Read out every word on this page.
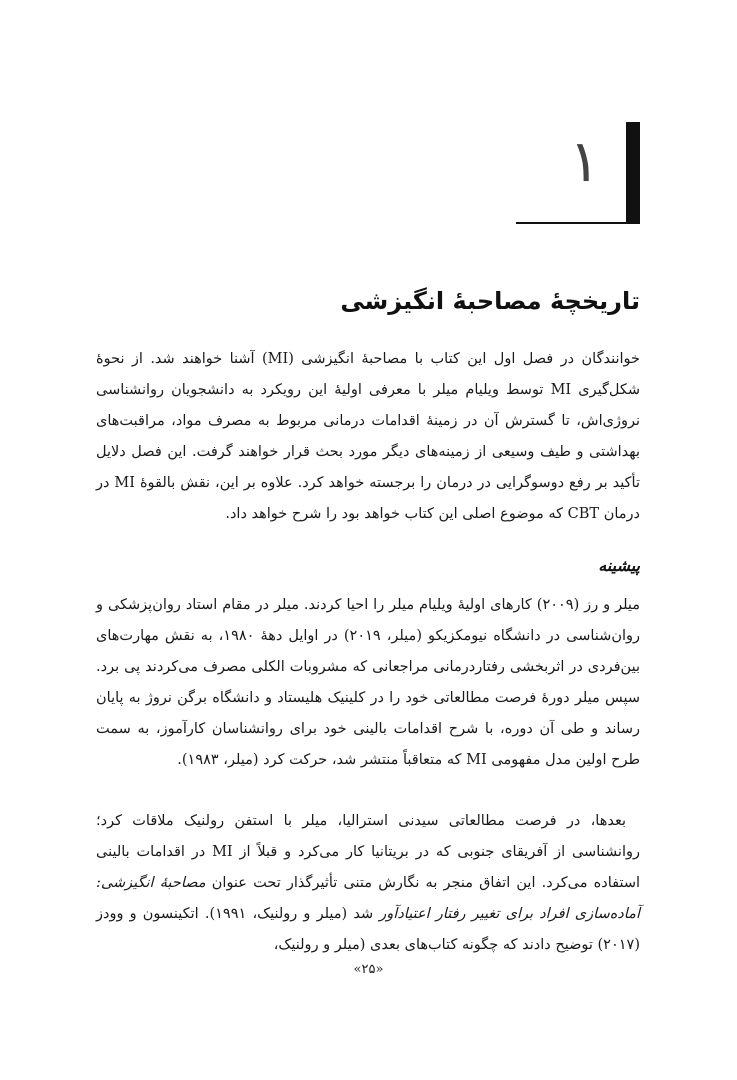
۱
تاریخچهٔ مصاحبهٔ انگیزشی

خوانندگان در فصل اول این کتاب با مصاحبهٔ انگیزشی (MI) آشنا خواهند شد. از نحوهٔ شکل‌گیری MI توسط ویلیام میلر با معرفی اولیهٔ این رویکرد به دانشجویان روانشناسی نروژی‌اش، تا گسترش آن در زمینهٔ اقدامات درمانی مربوط به مصرف مواد، مراقبت‌های بهداشتی و طیف وسیعی از زمینه‌های دیگر مورد بحث قرار خواهند گرفت. این فصل دلایل تأکید بر رفع دوسوگرایی در درمان را برجسته خواهد کرد. علاوه بر این، نقش بالقوهٔ MI در درمان CBT که موضوع اصلی این کتاب خواهد بود را شرح خواهد داد.

پیشینه

میلر و رز (۲۰۰۹) کارهای اولیهٔ ویلیام میلر را احیا کردند. میلر در مقام استاد روان‌پزشکی و روان‌شناسی در دانشگاه نیومکزیکو (میلر، ۲۰۱۹) در اوایل دههٔ ۱۹۸۰، به نقش مهارت‌های بین‌فردی در اثربخشی رفتاردرمانی مراجعانی که مشروبات الکلی مصرف می‌کردند پی برد. سپس میلر دورهٔ فرصت مطالعاتی خود را در کلینیک هلیستاد و دانشگاه برگن نروژ به پایان رساند و طی آن دوره، با شرح اقدامات بالینی خود برای روانشناسان کارآموز، به سمت طرح اولین مدل مفهومی MI که متعاقباً منتشر شد، حرکت کرد (میلر، ۱۹۸۳).

بعدها، در فرصت مطالعاتی سیدنی استرالیا، میلر با استفن رولنیک ملاقات کرد؛ روانشناسی از آفریقای جنوبی که در بریتانیا کار می‌کرد و قبلاً از MI در اقدامات بالینی استفاده می‌کرد. این اتفاق منجر به نگارش متنی تأثیرگذار تحت عنوان مصاحبهٔ انگیزشی: آماده‌سازی افراد برای تغییر رفتار اعتیادآور شد (میلر و رولنیک، ۱۹۹۱). اتکینسون و وودز (۲۰۱۷) توضیح دادند که چگونه کتاب‌های بعدی (میلر و رولنیک،

«۲۵»
